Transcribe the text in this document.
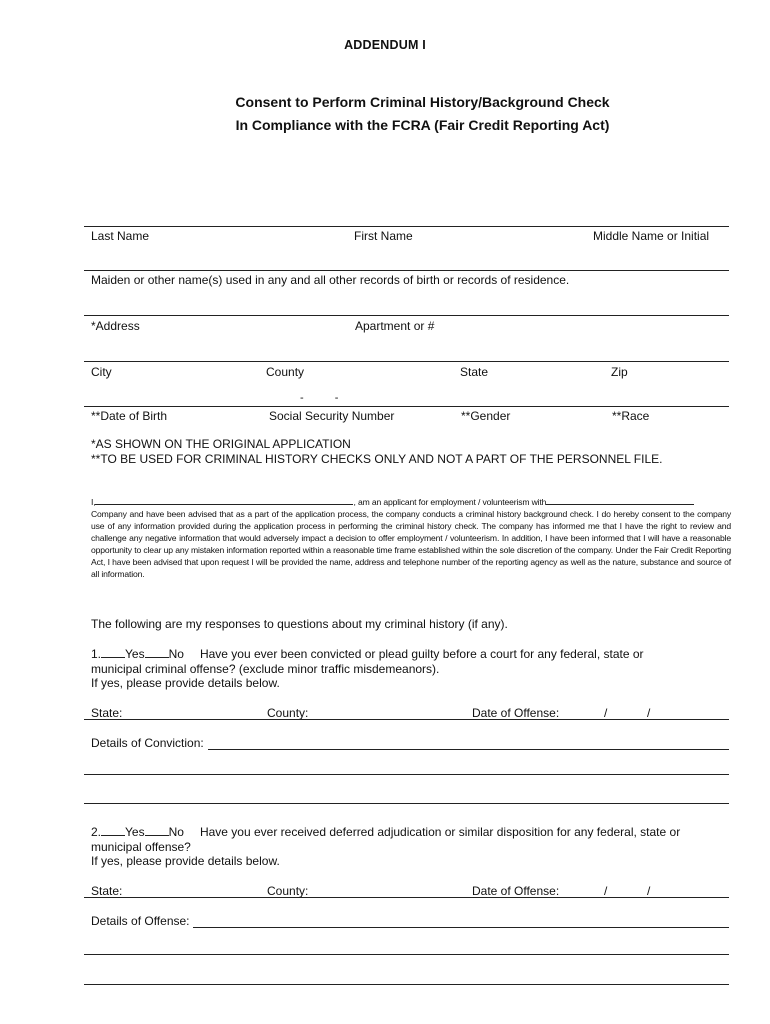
ADDENDUM I
Consent to Perform Criminal History/Background Check
In Compliance with the FCRA (Fair Credit Reporting Act)
Last Name	First Name	Middle Name or Initial
Maiden or other name(s) used in any and all other records of birth or records of residence.
*Address	Apartment or #
City	County	State	Zip
- -
**Date of Birth	Social Security Number	**Gender	**Race
*AS SHOWN ON THE ORIGINAL APPLICATION
**TO BE USED FOR CRIMINAL HISTORY CHECKS ONLY AND NOT A PART OF THE PERSONNEL FILE.
I,	, am an applicant for employment / volunteerism with
Company and have been advised that as a part of the application process, the company conducts a criminal history background check. I do hereby consent to the company use of any information provided during the application process in performing the criminal history check. The company has informed me that I have the right to review and challenge any negative information that would adversely impact a decision to offer employment / volunteerism. In addition, I have been informed that I will have a reasonable opportunity to clear up any mistaken information reported within a reasonable time frame established within the sole discretion of the company. Under the Fair Credit Reporting Act, I have been advised that upon request I will be provided the name, address and telephone number of the reporting agency as well as the nature, substance and source of all information.
The following are my responses to questions about my criminal history (if any).
1. Yes No Have you ever been convicted or plead guilty before a court for any federal, state or
municipal criminal offense? (exclude minor traffic misdemeanors).
If yes, please provide details below.
State:	County:	Date of Offense:	/	/
Details of Conviction:
2. Yes No Have you ever received deferred adjudication or similar disposition for any federal, state or
municipal offense?
If yes, please provide details below.
State:	County:	Date of Offense:	/	/
Details of Offense:
